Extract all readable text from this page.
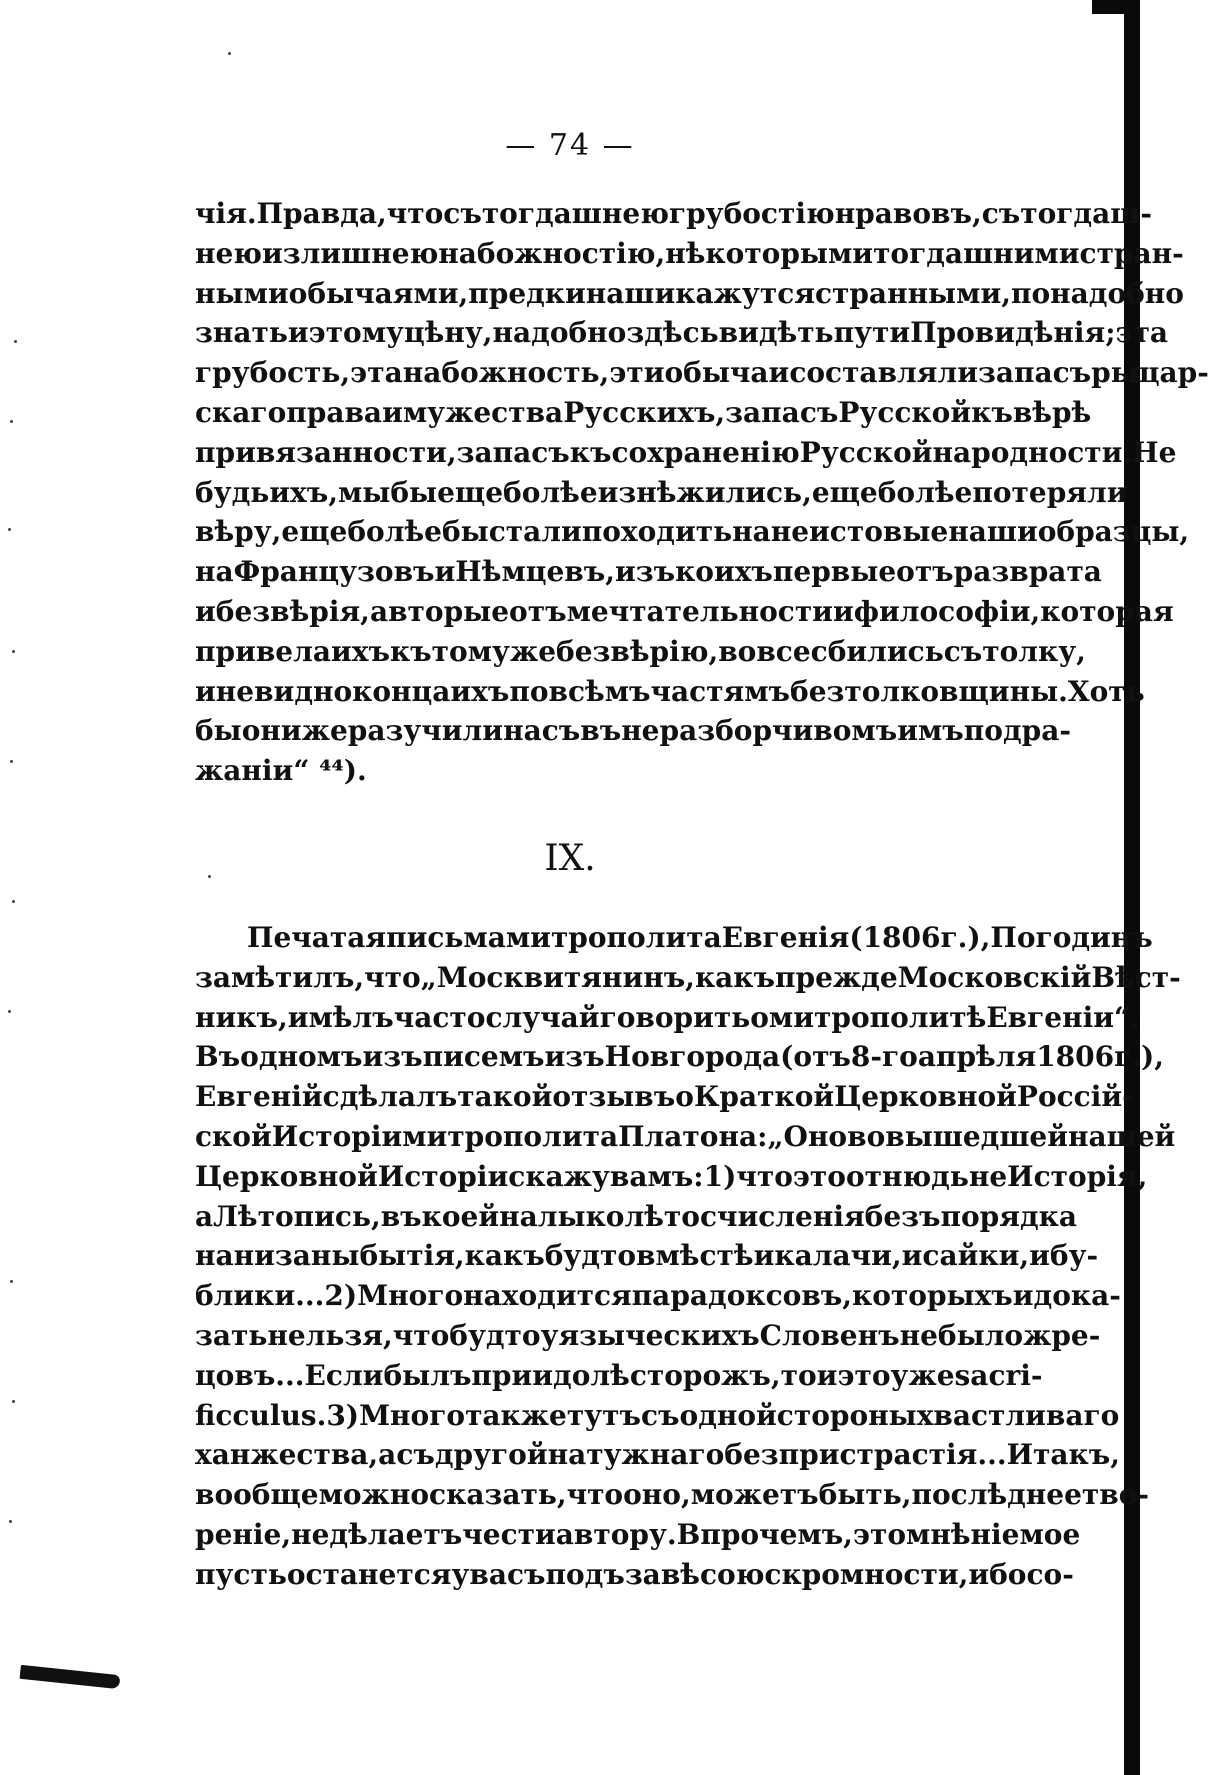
— 74 —
чія. Правда, что съ тогдашнею грубостію нравовъ, съ тогдаш-
нею излишнею набожностію, нѣкоторыми тогдашними стран-
ными обычаями, предки наши кажутся странными, по надобно
знать и этому цѣну, надобно здѣсь видѣть пути Провидѣнія; эта
грубость, эта набожность, эти обычаи составляли запасъ рыцар-
скаго права и мужества Русскихъ, запасъ Русской къ вѣрѣ
привязанности, запасъ къ сохраненію Русской народности. Не
будь ихъ, мы бы еще болѣе изнѣжились, еще болѣе потеряли
вѣру, еще болѣе бы стали походить на неистовые наши образцы,
на Французовъ и Нѣмцевъ, изъ коихъ первые отъ разврата
и безвѣрія, а вторые отъ мечтательности и философіи, которая
привела ихъ къ тому же безвѣрію, вовсе сбились съ толку,
и не видно конца ихъ по всѣмъ частямъ безтолковщины. Хоть
бы они же разучили насъ въ неразборчивомъ имъ подра-
жаніи“ ⁴⁴).
IX.
Печатая письма митрополита Евгенія (1806 г.), Погодинъ
замѣтилъ, что „Москвитянинъ, какъ прежде Московскій Вѣст-
никъ, имѣлъ часто случай говорить о митрополитѣ Евгеніи“.
Въ одномъ изъ писемъ изъ Новгорода (отъ 8-го апрѣля 1806 г.),
Евгеній сдѣлалъ такой отзывъ о Краткой Церковной Россій-
ской Исторіи митрополита Платона: „О нововышедшей нашей
Церковной Исторіи скажу вамъ: 1) что это отнюдь не Исторія,
а Лѣтопись, въ коей на лыко лѣтосчисленія безъ порядка
нанизаны бытія, какъ будто вмѣстѣ и калачи, и сайки, и бу-
блики... 2) Много находится парадоксовъ, которыхъ и дока-
зать нельзя, что будто у языческихъ Словенъ не было жре-
цовъ... Если былъ при идолѣ сторожъ, то и это уже sacri-
ficculus. 3) Много также тутъ съ одной стороны хвастливаго
ханжества, а съ другой натужнаго безпристрастія... Итакъ,
вообще можно сказать, что оно, можетъ быть, послѣднее тво-
реніе, не дѣлаетъ чести автору. Впрочемъ, это мнѣніе мое
пусть останется у васъ подъ завѣсою скромности, ибо со-
